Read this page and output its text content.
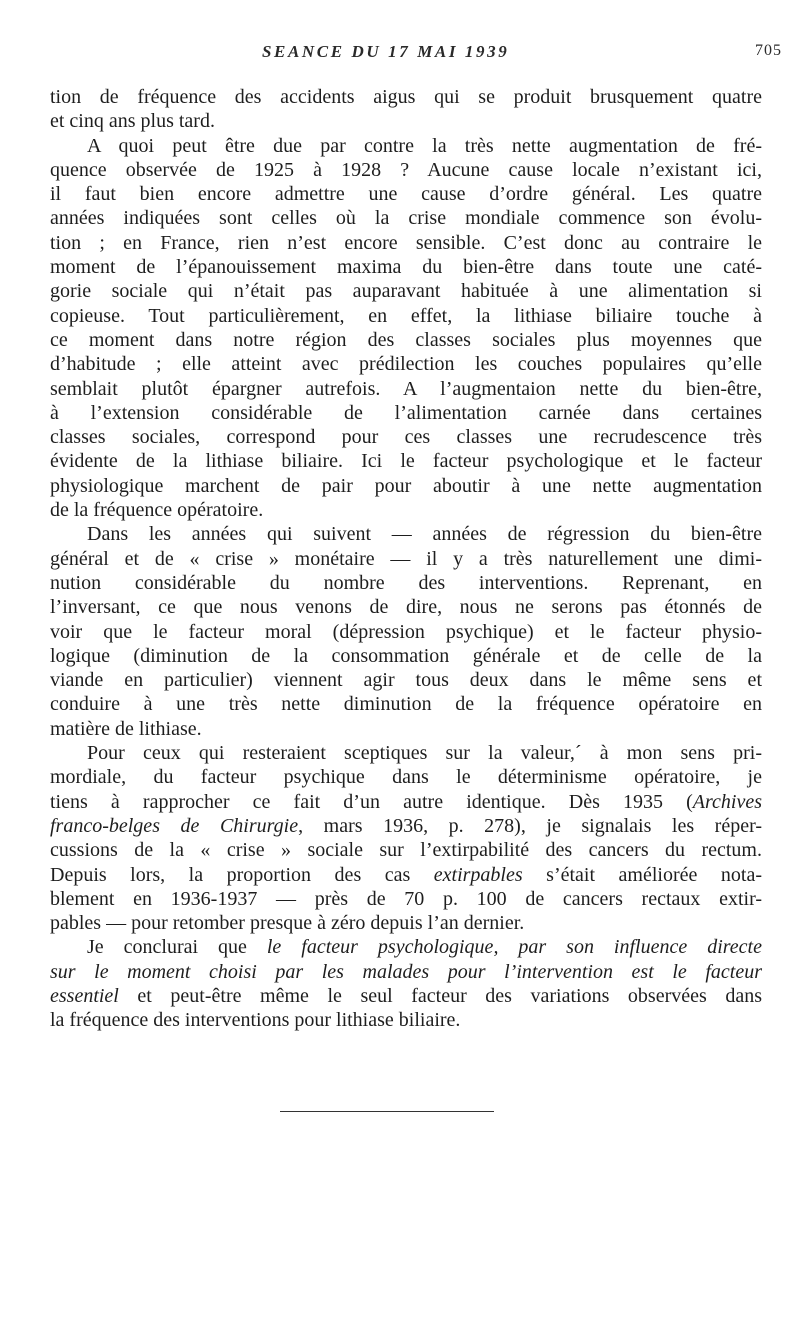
SEANCE DU 17 MAI 1939	705
tion de fréquence des accidents aigus qui se produit brusquement quatre
et cinq ans plus tard.
A quoi peut être due par contre la très nette augmentation de fré-
quence observée de 1925 à 1928 ? Aucune cause locale n’existant ici,
il faut bien encore admettre une cause d’ordre général. Les quatre
années indiquées sont celles où la crise mondiale commence son évolu-
tion ; en France, rien n’est encore sensible. C’est donc au contraire le
moment de l’épanouissement maxima du bien-être dans toute une caté-
gorie sociale qui n’était pas auparavant habituée à une alimentation si
copieuse. Tout particulièrement, en effet, la lithiase biliaire touche à
ce moment dans notre région des classes sociales plus moyennes que
d’habitude ; elle atteint avec prédilection les couches populaires qu’elle
semblait plutôt épargner autrefois. A l’augmentaion nette du bien-être,
à l’extension considérable de l’alimentation carnée dans certaines
classes sociales, correspond pour ces classes une recrudescence très
évidente de la lithiase biliaire. Ici le facteur psychologique et le facteur
physiologique marchent de pair pour aboutir à une nette augmentation
de la fréquence opératoire.
Dans les années qui suivent — années de régression du bien-être
général et de « crise » monétaire — il y a très naturellement une dimi-
nution considérable du nombre des interventions. Reprenant, en
l’inversant, ce que nous venons de dire, nous ne serons pas étonnés de
voir que le facteur moral (dépression psychique) et le facteur physio-
logique (diminution de la consommation générale et de celle de la
viande en particulier) viennent agir tous deux dans le même sens et
conduire à une très nette diminution de la fréquence opératoire en
matière de lithiase.
Pour ceux qui resteraient sceptiques sur la valeur,´ à mon sens pri-
mordiale, du facteur psychique dans le déterminisme opératoire, je
tiens à rapprocher ce fait d’un autre identique. Dès 1935 (Archives
franco-belges de Chirurgie, mars 1936, p. 278), je signalais les réper-
cussions de la « crise » sociale sur l’extirpabilité des cancers du rectum.
Depuis lors, la proportion des cas extirpables s’était améliorée nota-
blement en 1936-1937 — près de 70 p. 100 de cancers rectaux extir-
pables — pour retomber presque à zéro depuis l’an dernier.
Je conclurai que le facteur psychologique, par son influence directe
sur le moment choisi par les malades pour l’intervention est le facteur
essentiel et peut-être même le seul facteur des variations observées dans
la fréquence des interventions pour lithiase biliaire.
